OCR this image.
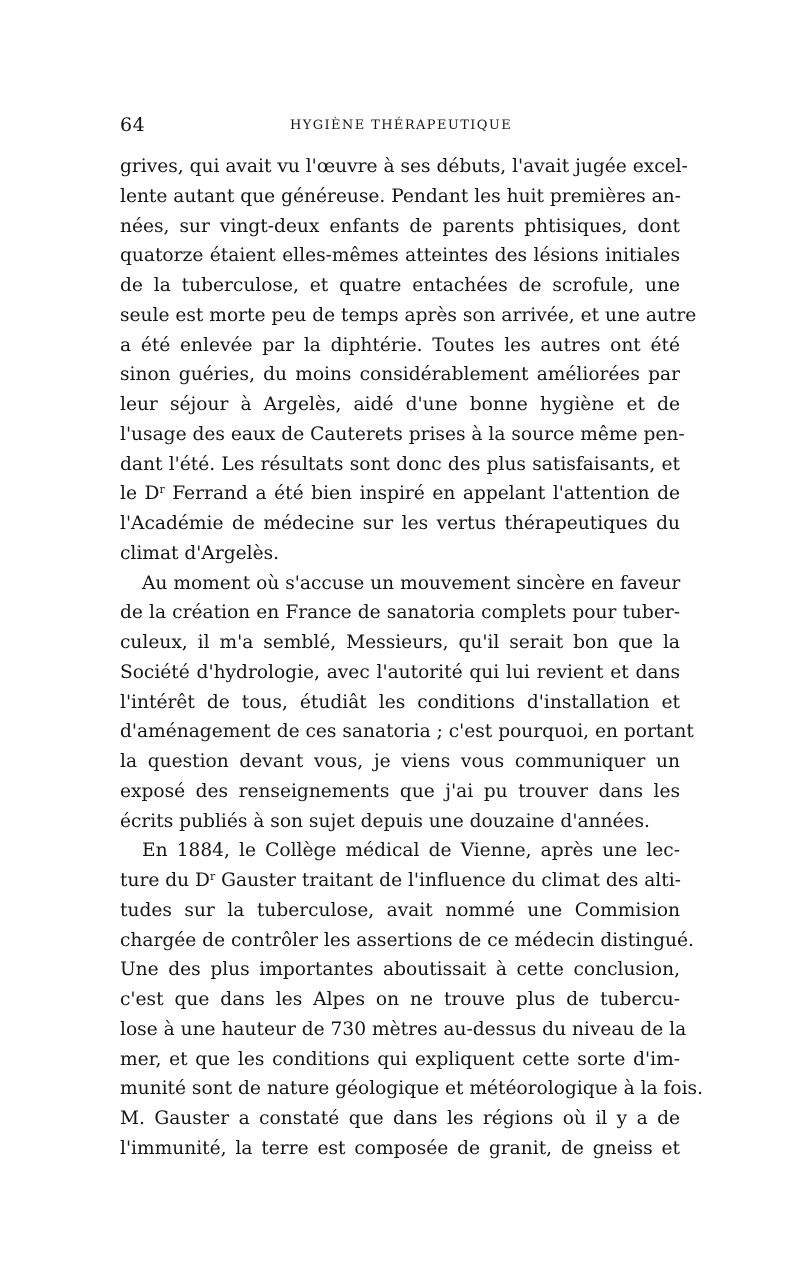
64	HYGIÈNE THÉRAPEUTIQUE
grives, qui avait vu l'œuvre à ses débuts, l'avait jugée excel-
lente autant que généreuse. Pendant les huit premières an-
nées, sur vingt-deux enfants de parents phtisiques, dont
quatorze étaient elles-mêmes atteintes des lésions initiales
de la tuberculose, et quatre entachées de scrofule, une
seule est morte peu de temps après son arrivée, et une autre
a été enlevée par la diphtérie. Toutes les autres ont été
sinon guéries, du moins considérablement améliorées par
leur séjour à Argelès, aidé d'une bonne hygiène et de
l'usage des eaux de Cauterets prises à la source même pen-
dant l'été. Les résultats sont donc des plus satisfaisants, et
le $D^r$ Ferrand a été bien inspiré en appelant l'attention de
l'Académie de médecine sur les vertus thérapeutiques du
climat d'Argelès.
Au moment où s'accuse un mouvement sincère en faveur
de la création en France de sanatoria complets pour tuber-
culeux, il m'a semblé, Messieurs, qu'il serait bon que la
Société d'hydrologie, avec l'autorité qui lui revient et dans
l'intérêt de tous, étudiât les conditions d'installation et
d'aménagement de ces sanatoria ; c'est pourquoi, en portant
la question devant vous, je viens vous communiquer un
exposé des renseignements que j'ai pu trouver dans les
écrits publiés à son sujet depuis une douzaine d'années.
En 1884, le Collège médical de Vienne, après une lec-
ture du $D^r$ Gauster traitant de l'influence du climat des alti-
tudes sur la tuberculose, avait nommé une Commision
chargée de contrôler les assertions de ce médecin distingué.
Une des plus importantes aboutissait à cette conclusion,
c'est que dans les Alpes on ne trouve plus de tubercu-
lose à une hauteur de 730 mètres au-dessus du niveau de la
mer, et que les conditions qui expliquent cette sorte d'im-
munité sont de nature géologique et météorologique à la fois.
M. Gauster a constaté que dans les régions où il y a de
l'immunité, la terre est composée de granit, de gneiss et
